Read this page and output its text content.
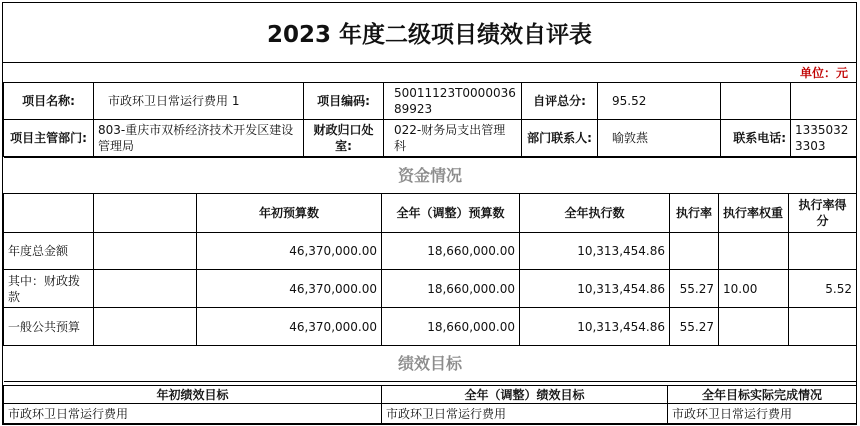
2023 年度二级项目绩效自评表
单位：元
项目名称:	市政环卫日常运行费用 1	项目编码:	50011123T000003689923	自评总分:	95.52		
项目主管部门:	803-重庆市双桥经济技术开发区建设管理局	财政归口处室:	022-财务局支出管理科	部门联系人:	喻敦燕	联系电话:	13350323303
资金情况							
		年初预算数	全年（调整）预算数	全年执行数	执行率	执行率权重	执行率得分
年度总金额		46,370,000.00	18,660,000.00	10,313,454.86			
其中：财政拨款		46,370,000.00	18,660,000.00	10,313,454.86	55.27	10.00	5.52
一般公共预算		46,370,000.00	18,660,000.00	10,313,454.86	55.27		
绩效目标							
年初绩效目标	全年（调整）绩效目标	全年目标实际完成情况
市政环卫日常运行费用	市政环卫日常运行费用	市政环卫日常运行费用
